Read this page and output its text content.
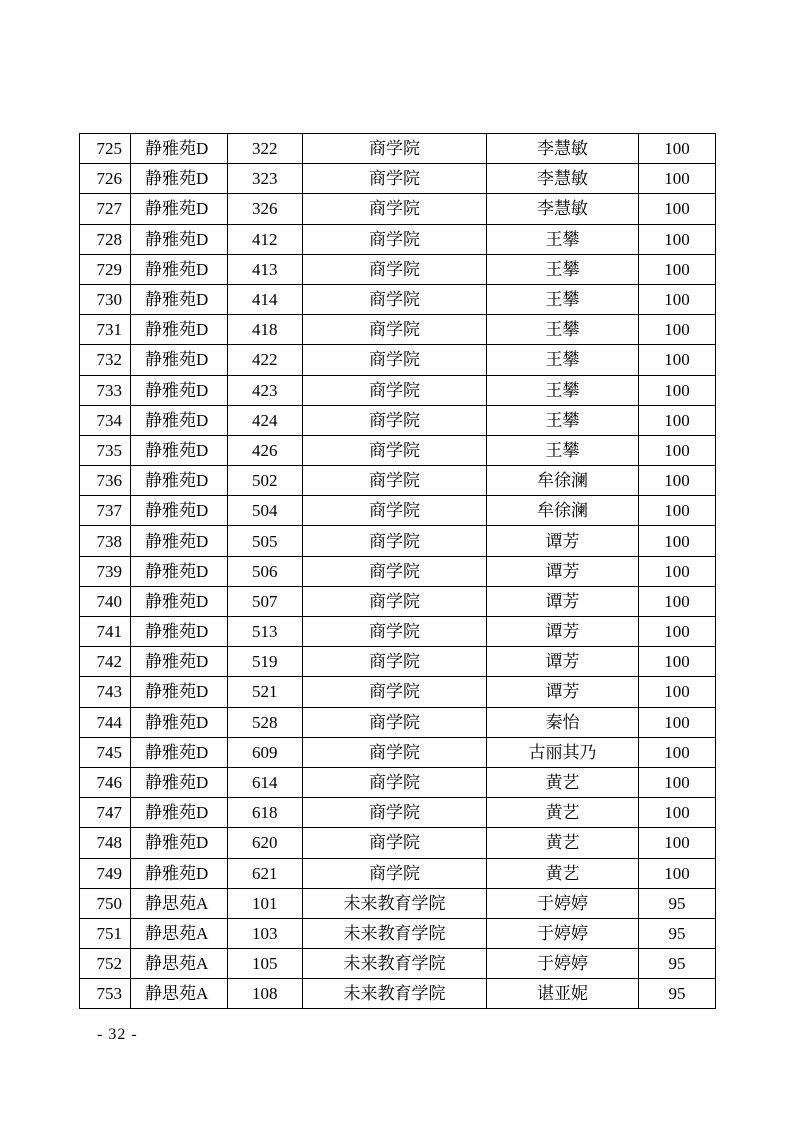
725	静雅苑D	322	商学院	李慧敏	100
726	静雅苑D	323	商学院	李慧敏	100
727	静雅苑D	326	商学院	李慧敏	100
728	静雅苑D	412	商学院	王攀	100
729	静雅苑D	413	商学院	王攀	100
730	静雅苑D	414	商学院	王攀	100
731	静雅苑D	418	商学院	王攀	100
732	静雅苑D	422	商学院	王攀	100
733	静雅苑D	423	商学院	王攀	100
734	静雅苑D	424	商学院	王攀	100
735	静雅苑D	426	商学院	王攀	100
736	静雅苑D	502	商学院	牟徐澜	100
737	静雅苑D	504	商学院	牟徐澜	100
738	静雅苑D	505	商学院	谭芳	100
739	静雅苑D	506	商学院	谭芳	100
740	静雅苑D	507	商学院	谭芳	100
741	静雅苑D	513	商学院	谭芳	100
742	静雅苑D	519	商学院	谭芳	100
743	静雅苑D	521	商学院	谭芳	100
744	静雅苑D	528	商学院	秦怡	100
745	静雅苑D	609	商学院	古丽其乃	100
746	静雅苑D	614	商学院	黄艺	100
747	静雅苑D	618	商学院	黄艺	100
748	静雅苑D	620	商学院	黄艺	100
749	静雅苑D	621	商学院	黄艺	100
750	静思苑A	101	未来教育学院	于婷婷	95
751	静思苑A	103	未来教育学院	于婷婷	95
752	静思苑A	105	未来教育学院	于婷婷	95
753	静思苑A	108	未来教育学院	谌亚妮	95
- 32 -
